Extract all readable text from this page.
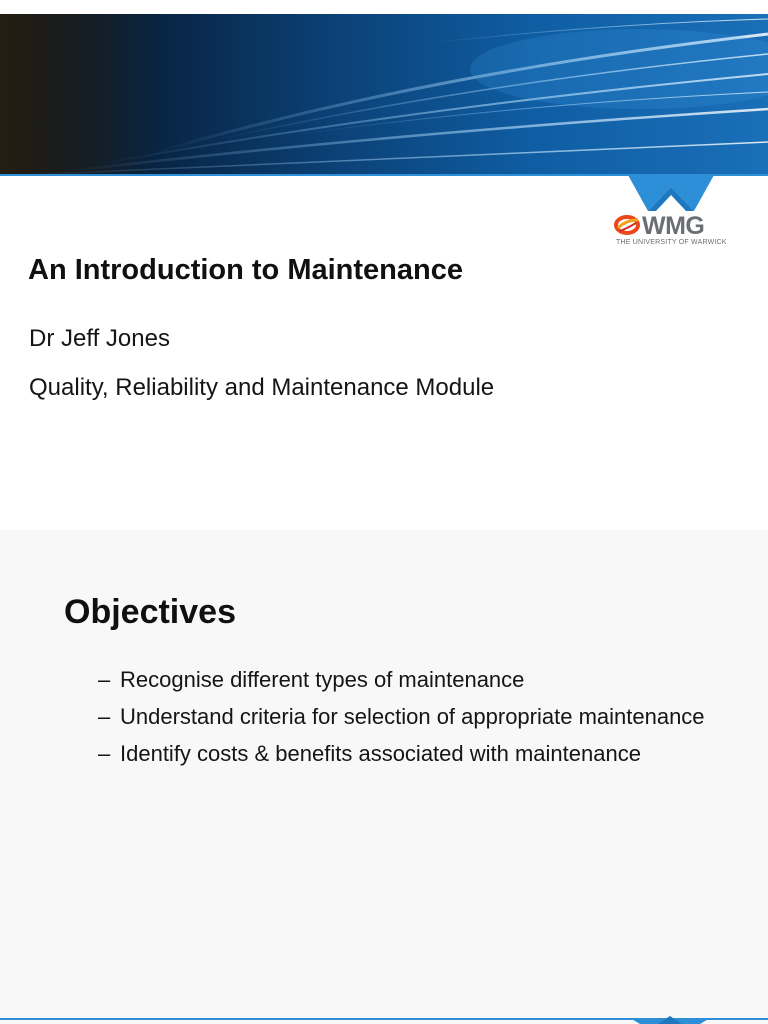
WMG
THE UNIVERSITY OF WARWICK
An Introduction to Maintenance

Dr Jeff Jones

Quality, Reliability and Maintenance Module

Objectives
– Recognise different types of maintenance
– Understand criteria for selection of appropriate maintenance
– Identify costs & benefits associated with maintenance
